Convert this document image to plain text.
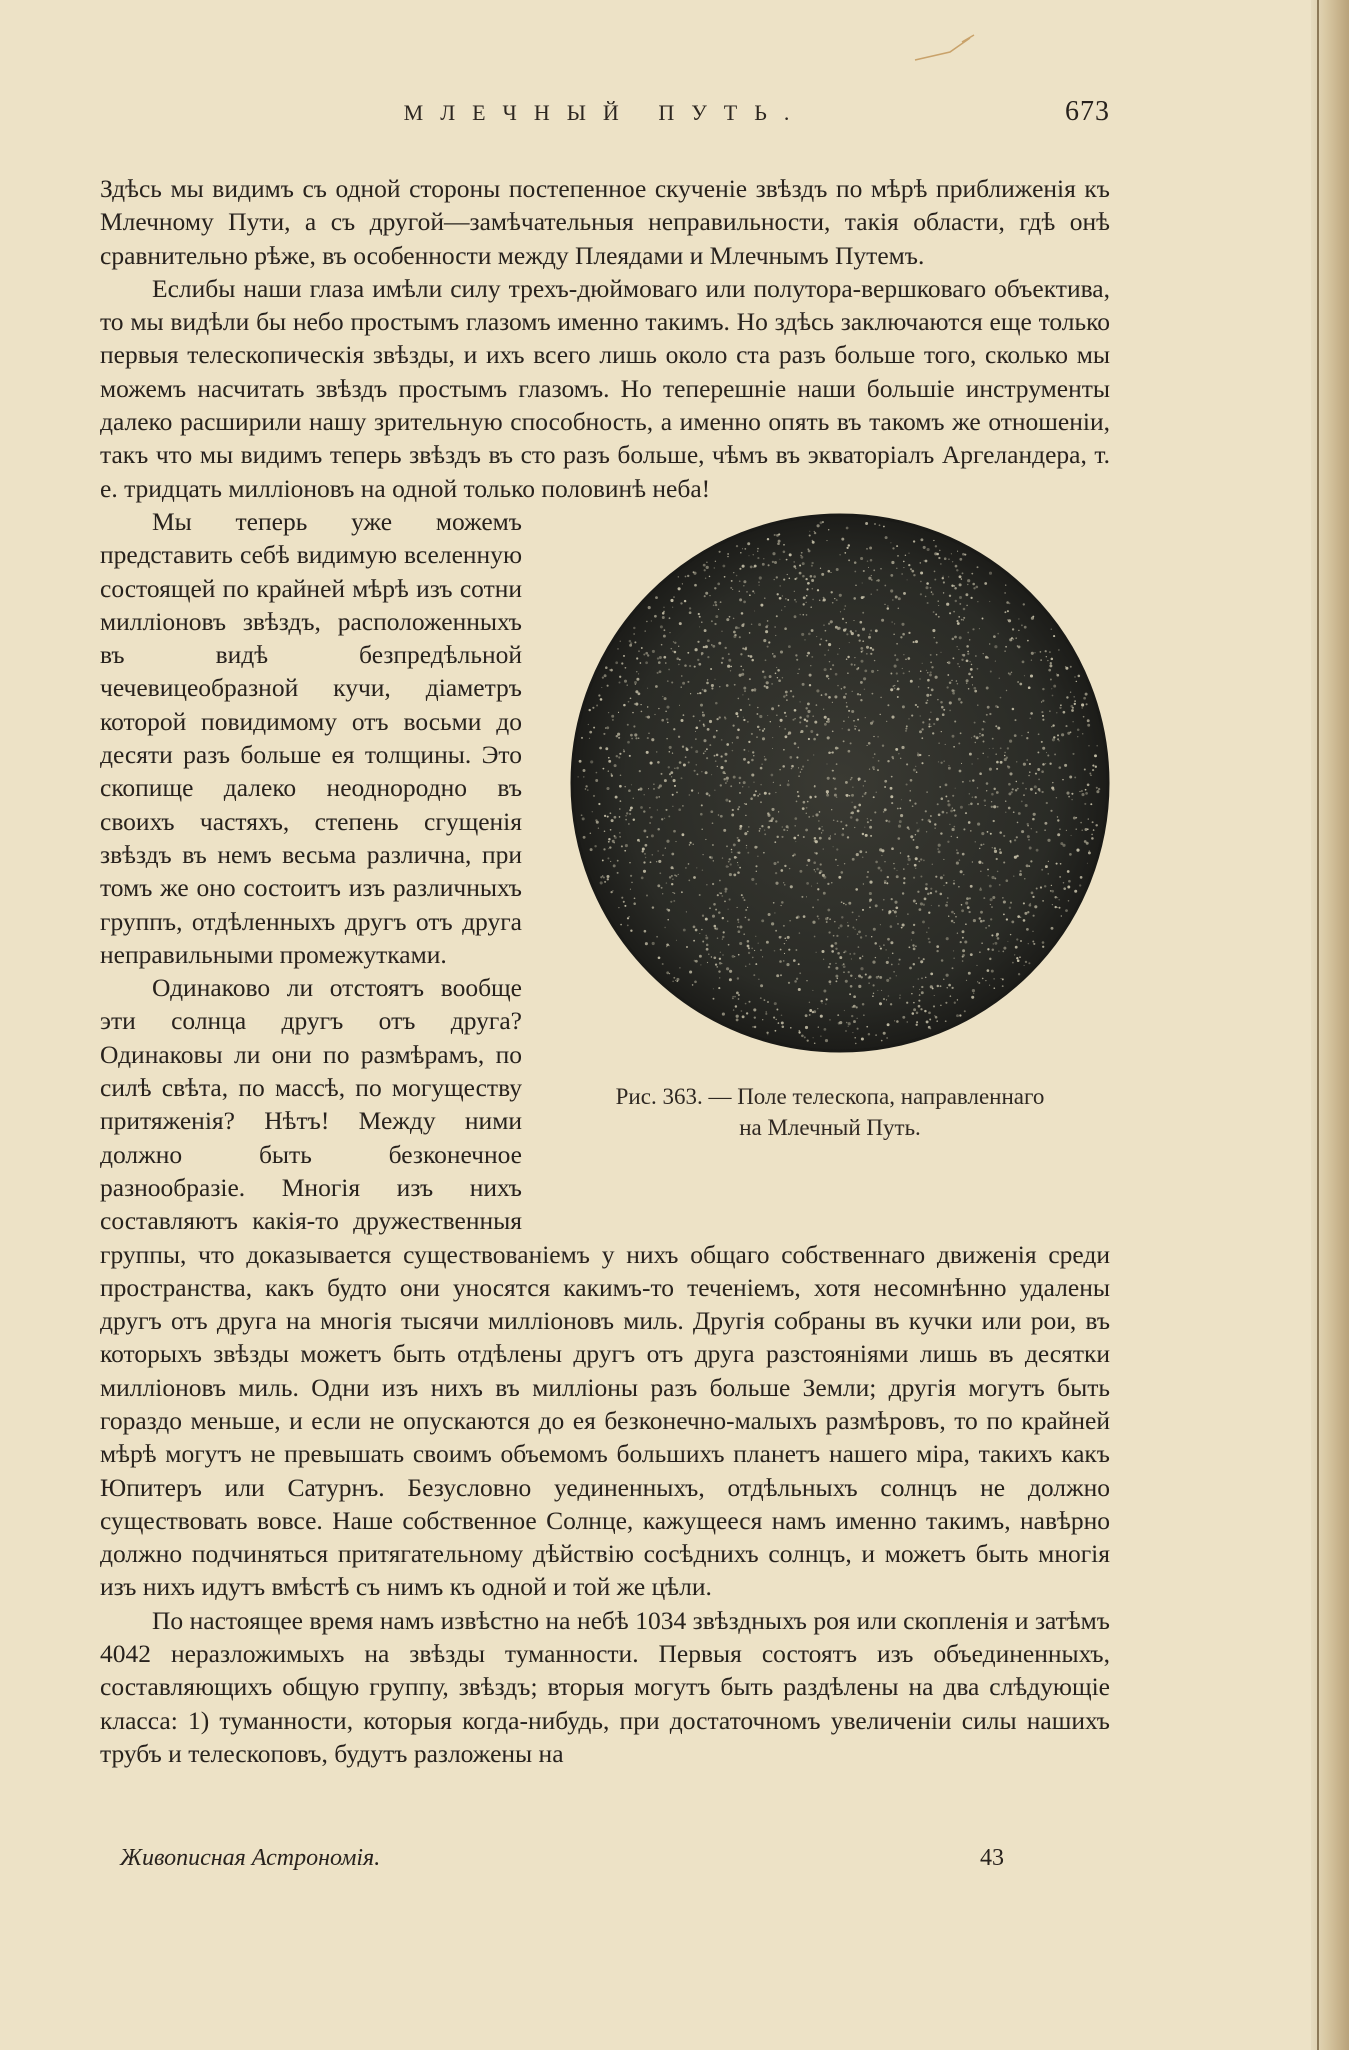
МЛЕЧНЫЙ ПУТЬ.	673

Здѣсь мы видимъ съ одной стороны постепенное скученіе звѣздъ по мѣрѣ приближенія къ Млечному Пути, а съ другой—замѣчательныя неправильности, такія области, гдѣ онѣ сравнительно рѣже, въ особенности между Плеядами и Млечнымъ Путемъ.

Еслибы наши глаза имѣли силу трехъ-дюймоваго или полутора-вершковаго объектива, то мы видѣли бы небо простымъ глазомъ именно такимъ. Но здѣсь заключаются еще только первыя телескопическія звѣзды, и ихъ всего лишь около ста разъ больше того, сколько мы можемъ насчитать звѣздъ простымъ глазомъ. Но теперешніе наши большіе инструменты далеко расширили нашу зрительную способность, а именно опять въ такомъ же отношеніи, такъ что мы видимъ теперь звѣздъ въ сто разъ больше, чѣмъ въ экваторіалъ Аргеландера, т. е. тридцать милліоновъ на одной только половинѣ неба!

Рис. 363. — Поле телескопа, направленнаго
на Млечный Путь.

Мы теперь уже можемъ представить себѣ видимую вселенную состоящей по крайней мѣрѣ изъ сотни милліоновъ звѣздъ, расположенныхъ въ видѣ безпредѣльной чечевицеобразной кучи, діаметръ которой повидимому отъ восьми до десяти разъ больше ея толщины. Это скопище далеко неоднородно въ своихъ частяхъ, степень сгущенія звѣздъ въ немъ весьма различна, при томъ же оно состоитъ изъ различныхъ группъ, отдѣленныхъ другъ отъ друга неправильными промежутками.

Одинаково ли отстоятъ вообще эти солнца другъ отъ друга? Одинаковы ли они по размѣрамъ, по силѣ свѣта, по массѣ, по могуществу притяженія? Нѣтъ! Между ними должно быть безконечное разнообразіе. Многія изъ нихъ составляютъ какія-то дружественныя группы, что доказывается существованіемъ у нихъ общаго собственнаго движенія среди пространства, какъ будто они уносятся какимъ-то теченіемъ, хотя несомнѣнно удалены другъ отъ друга на многія тысячи милліоновъ миль. Другія собраны въ кучки или рои, въ которыхъ звѣзды можетъ быть отдѣлены другъ отъ друга разстояніями лишь въ десятки милліоновъ миль. Одни изъ нихъ въ милліоны разъ больше Земли; другія могутъ быть гораздо меньше, и если не опускаются до ея безконечно-малыхъ размѣровъ, то по крайней мѣрѣ могутъ не превышать своимъ объемомъ большихъ планетъ нашего міра, такихъ какъ Юпитеръ или Сатурнъ. Безусловно уединенныхъ, отдѣльныхъ солнцъ не должно существовать вовсе. Наше собственное Солнце, кажущееся намъ именно такимъ, навѣрно должно подчиняться притягательному дѣйствію сосѣднихъ солнцъ, и можетъ быть многія изъ нихъ идутъ вмѣстѣ съ нимъ къ одной и той же цѣли.

По настоящее время намъ извѣстно на небѣ 1034 звѣздныхъ роя или скопленія и затѣмъ 4042 неразложимыхъ на звѣзды туманности. Первыя состоятъ изъ объединенныхъ, составляющихъ общую группу, звѣздъ; вторыя могутъ быть раздѣлены на два слѣдующіе класса: 1) туманности, которыя когда-нибудь, при достаточномъ увеличеніи силы нашихъ трубъ и телескоповъ, будутъ разложены на

Живописная Астрономія.	43
